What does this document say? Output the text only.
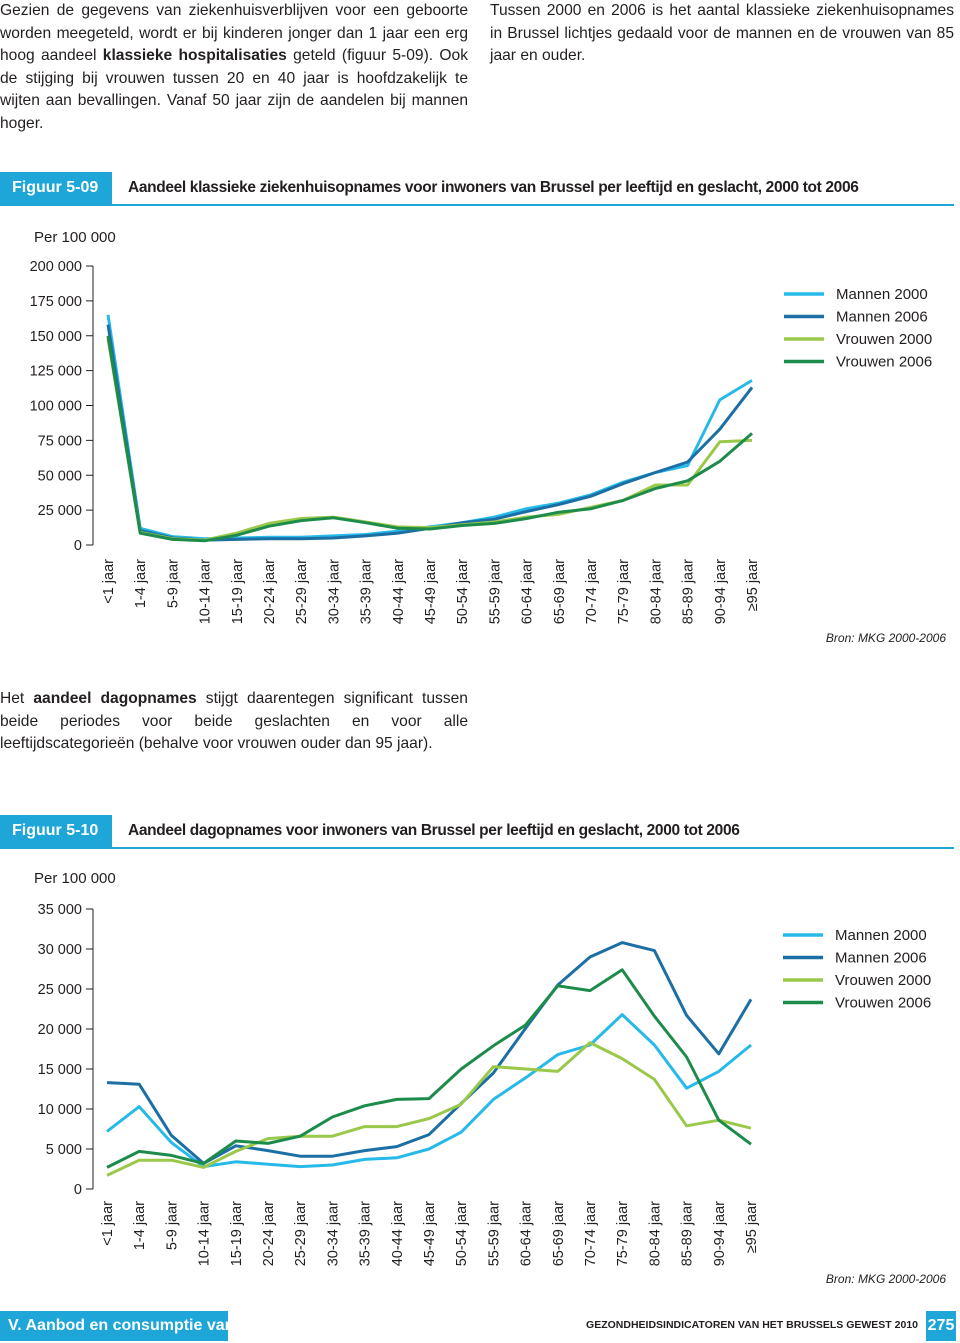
Gezien de gegevens van ziekenhuisverblijven voor een geboorte worden meegeteld, wordt er bij kinderen jonger dan 1 jaar een erg hoog aandeel klassieke hospitalisaties geteld (figuur 5-09). Ook de stijging bij vrouwen tussen 20 en 40 jaar is hoofdzakelijk te wijten aan bevallingen. Vanaf 50 jaar zijn de aandelen bij mannen hoger.
Tussen 2000 en 2006 is het aantal klassieke ziekenhuisopnames in Brussel lichtjes gedaald voor de mannen en de vrouwen van 85 jaar en ouder.
Figuur 5-09	Aandeel klassieke ziekenhuisopnames voor inwoners van Brussel per leeftijd en geslacht, 2000 tot 2006
Per 100 000
0
25 000
50 000
75 000
100 000
125 000
150 000
175 000
200 000
<1 jaar 1-4 jaar 5-9 jaar 10-14 jaar 15-19 jaar 20-24 jaar 25-29 jaar 30-34 jaar 35-39 jaar 40-44 jaar 45-49 jaar 50-54 jaar 55-59 jaar 60-64 jaar 65-69 jaar 70-74 jaar 75-79 jaar 80-84 jaar 85-89 jaar 90-94 jaar ≥95 jaar
Mannen 2000
Mannen 2006
Vrouwen 2000
Vrouwen 2006
Bron: MKG 2000-2006
Het aandeel dagopnames stijgt daarentegen significant tussen beide periodes voor beide geslachten en voor alle leeftijdscategorieën (behalve voor vrouwen ouder dan 95 jaar).
Figuur 5-10	Aandeel dagopnames voor inwoners van Brussel per leeftijd en geslacht, 2000 tot 2006
Per 100 000
0
5 000
10 000
15 000
20 000
25 000
30 000
35 000
<1 jaar 1-4 jaar 5-9 jaar 10-14 jaar 15-19 jaar 20-24 jaar 25-29 jaar 30-34 jaar 35-39 jaar 40-44 jaar 45-49 jaar 50-54 jaar 55-59 jaar 60-64 jaar 65-69 jaar 70-74 jaar 75-79 jaar 80-84 jaar 85-89 jaar 90-94 jaar ≥95 jaar
Mannen 2000
Mannen 2006
Vrouwen 2000
Vrouwen 2006
Bron: MKG 2000-2006
V. Aanbod en consumptie van zorg	GEZONDHEIDSINDICATOREN VAN HET BRUSSELS GEWEST 2010 275
